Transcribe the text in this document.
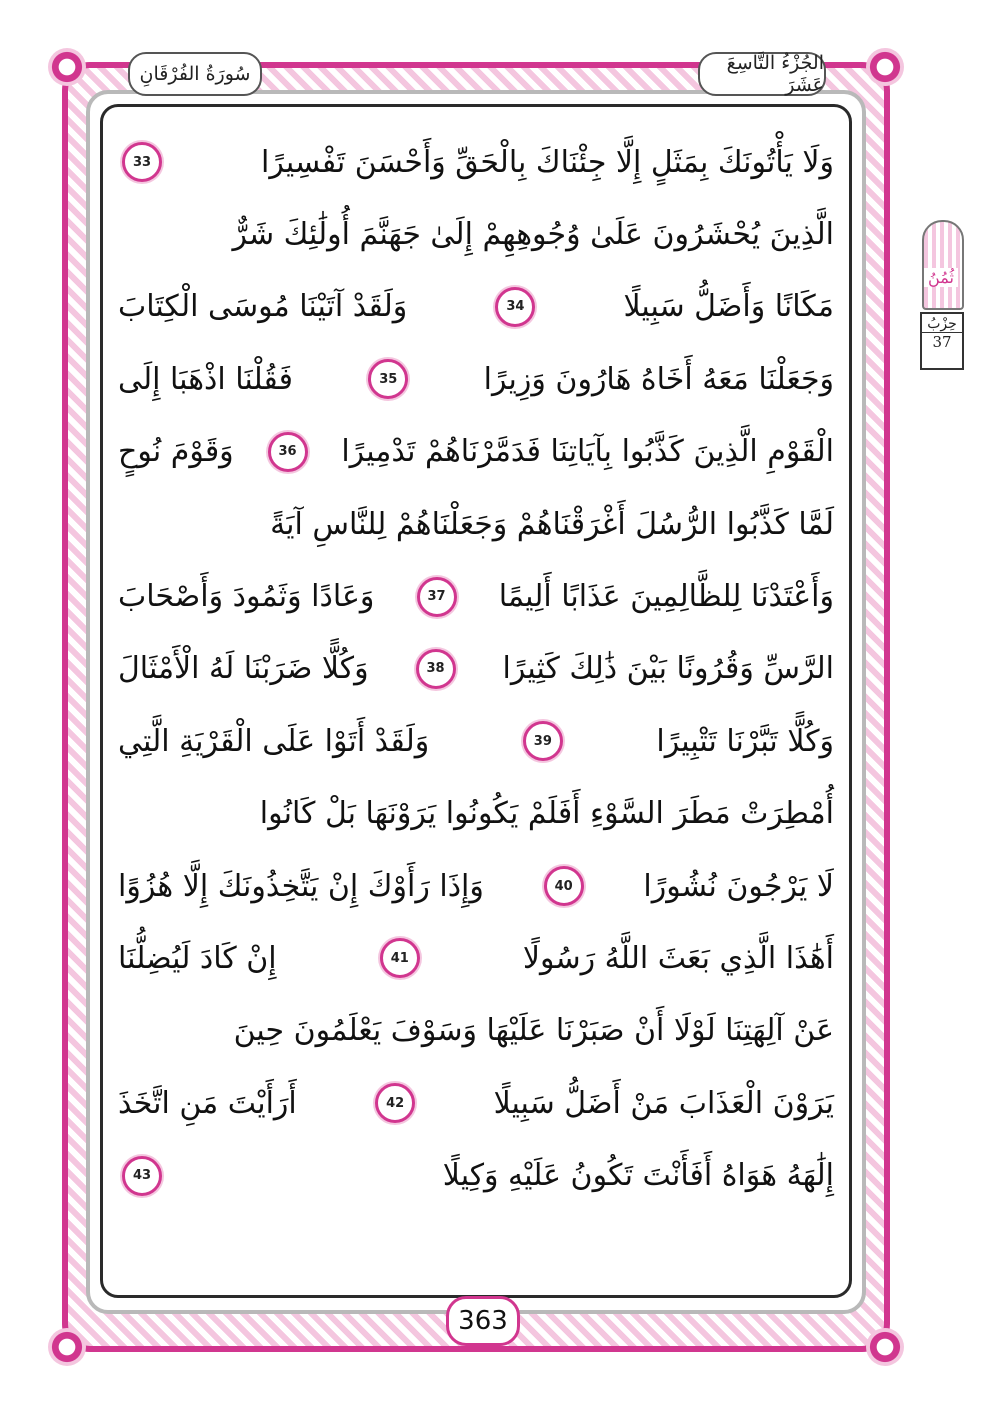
سُورَةُ الفُرْقَانِ	الجُزْءُ التَّاسِعَ عَشَرَ
ثُمُنُ
حِزْبُ
37
وَلَا يَأْتُونَكَ بِمَثَلٍ إِلَّا جِئْنَاكَ بِالْحَقِّ وَأَحْسَنَ تَفْسِيرًا
33
الَّذِينَ يُحْشَرُونَ عَلَىٰ وُجُوهِهِمْ إِلَىٰ جَهَنَّمَ أُولَٰئِكَ شَرٌّ
مَكَانًا وَأَضَلُّ سَبِيلًا
34
وَلَقَدْ آتَيْنَا مُوسَى الْكِتَابَ
وَجَعَلْنَا مَعَهُ أَخَاهُ هَارُونَ وَزِيرًا
35
فَقُلْنَا اذْهَبَا إِلَى
الْقَوْمِ الَّذِينَ كَذَّبُوا بِآيَاتِنَا فَدَمَّرْنَاهُمْ تَدْمِيرًا
36
وَقَوْمَ نُوحٍ
لَمَّا كَذَّبُوا الرُّسُلَ أَغْرَقْنَاهُمْ وَجَعَلْنَاهُمْ لِلنَّاسِ آيَةً
وَأَعْتَدْنَا لِلظَّالِمِينَ عَذَابًا أَلِيمًا
37
وَعَادًا وَثَمُودَ وَأَصْحَابَ
الرَّسِّ وَقُرُونًا بَيْنَ ذَٰلِكَ كَثِيرًا
38
وَكُلًّا ضَرَبْنَا لَهُ الْأَمْثَالَ
وَكُلًّا تَبَّرْنَا تَتْبِيرًا
39
وَلَقَدْ أَتَوْا عَلَى الْقَرْيَةِ الَّتِي
أُمْطِرَتْ مَطَرَ السَّوْءِ أَفَلَمْ يَكُونُوا يَرَوْنَهَا بَلْ كَانُوا
لَا يَرْجُونَ نُشُورًا
40
وَإِذَا رَأَوْكَ إِنْ يَتَّخِذُونَكَ إِلَّا هُزُوًا
أَهَٰذَا الَّذِي بَعَثَ اللَّهُ رَسُولًا
41
إِنْ كَادَ لَيُضِلُّنَا
عَنْ آلِهَتِنَا لَوْلَا أَنْ صَبَرْنَا عَلَيْهَا وَسَوْفَ يَعْلَمُونَ حِينَ
يَرَوْنَ الْعَذَابَ مَنْ أَضَلُّ سَبِيلًا
42
أَرَأَيْتَ مَنِ اتَّخَذَ
إِلَٰهَهُ هَوَاهُ أَفَأَنْتَ تَكُونُ عَلَيْهِ وَكِيلًا
43
363
